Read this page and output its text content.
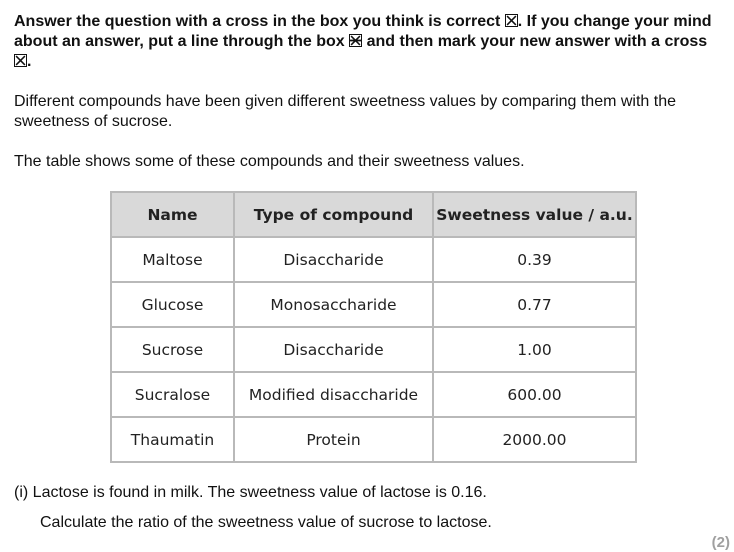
Answer the question with a cross in the box you think is correct ☒. If you change your mind about an answer, put a line through the box and then mark your new answer with a cross
.
Different compounds have been given different sweetness values by comparing them with the sweetness of sucrose.
The table shows some of these compounds and their sweetness values.
Name	Type of compound	Sweetness value / a.u.
Maltose	Disaccharide	0.39
Glucose	Monosaccharide	0.77
Sucrose	Disaccharide	1.00
Sucralose	Modified disaccharide	600.00
Thaumatin	Protein	2000.00
(i) Lactose is found in milk. The sweetness value of lactose is 0.16.
Calculate the ratio of the sweetness value of sucrose to lactose.
(2)
